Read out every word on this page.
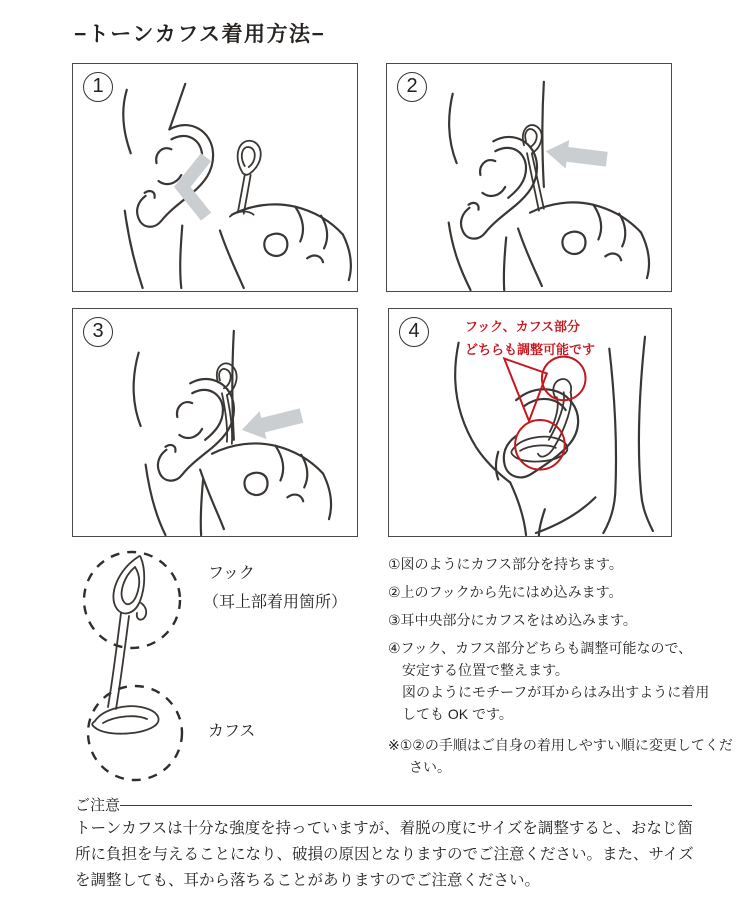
−トーンカフス着用方法−
1	2
3	フック、カフス部分
どちらも調整可能です
4
フック
（耳上部着用箇所）
カフス
①図のようにカフス部分を持ちます。
②上のフックから先にはめ込みます。
③耳中央部分にカフスをはめ込みます。
④フック、カフス部分どちらも調整可能なので、
安定する位置で整えます。
図のようにモチーフが耳からはみ出すように着用
しても OK です。
※①②の手順はご自身の着用しやすい順に変更してくだ
さい。
ご注意
トーンカフスは十分な強度を持っていますが、着脱の度にサイズを調整すると、おなじ箇所に負担を与えることになり、破損の原因となりますのでご注意ください。また、サイズを調整しても、耳から落ちることがありますのでご注意ください。
